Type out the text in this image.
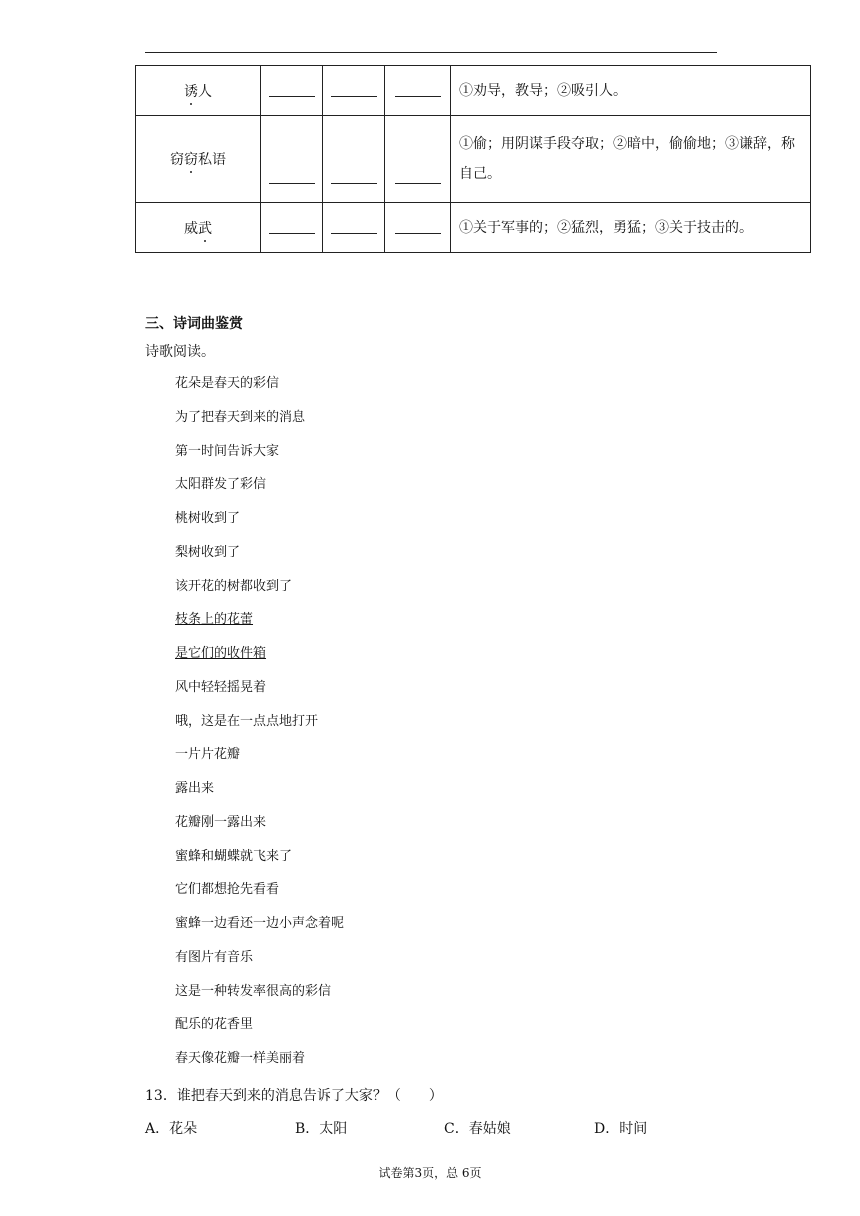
诱人				①劝导，教导；②吸引人。
窃窃私语				①偷；用阴谋手段夺取；②暗中，偷偷地；③谦辞，称自己。
威武				①关于军事的；②猛烈，勇猛；③关于技击的。
三、诗词曲鉴赏
诗歌阅读。
花朵是春天的彩信
为了把春天到来的消息
第一时间告诉大家
太阳群发了彩信
桃树收到了
梨树收到了
该开花的树都收到了
枝条上的花蕾
是它们的收件箱
风中轻轻摇晃着
哦，这是在一点点地打开
一片片花瓣
露出来
花瓣刚一露出来
蜜蜂和蝴蝶就飞来了
它们都想抢先看看
蜜蜂一边看还一边小声念着呢
有图片有音乐
这是一种转发率很高的彩信
配乐的花香里
春天像花瓣一样美丽着
13．谁把春天到来的消息告诉了大家？（　　）
A．花朵	B．太阳	C．春姑娘	D．时间
试卷第3页，总 6页
